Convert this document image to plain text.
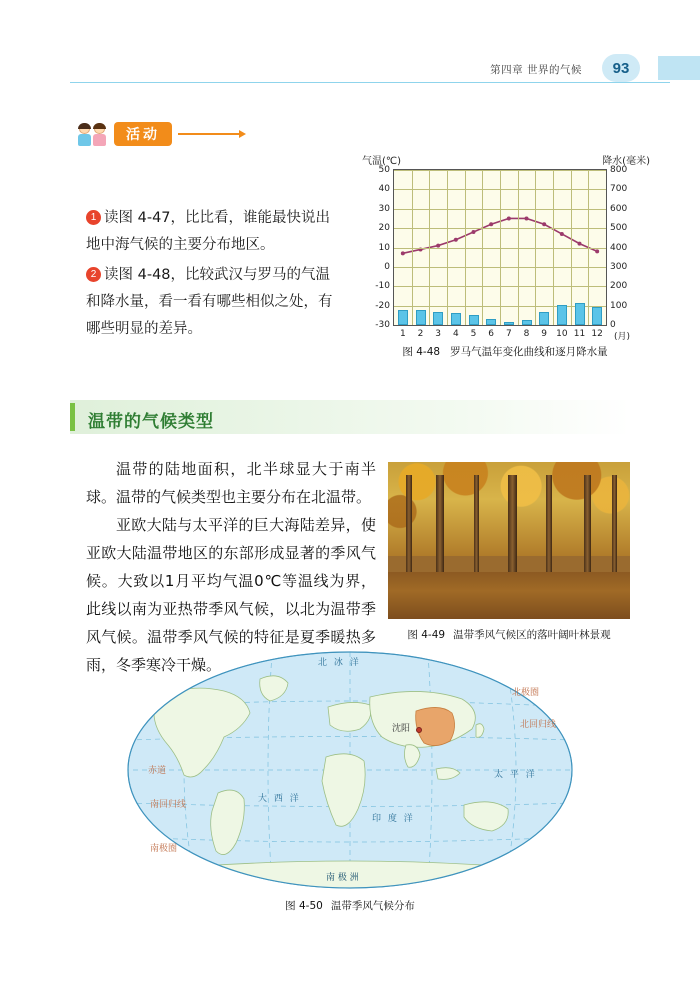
第四章 世界的气候 93
活动
1 读图 4-47，比比看，谁能最快说出地中海气候的主要分布地区。
2 读图 4-48，比较武汉与罗马的气温和降水量，看一看有哪些相似之处，有哪些明显的差异。
气温(℃)	降水(毫米)
50	800
40	700
30	600
20	500
10	400
0	300
-10	200
-20	100
-30	0
1 2 3 4 5 6 7 8 9 10 11 12 (月)
图 4-48 罗马气温年变化曲线和逐月降水量
温带的气候类型

温带的陆地面积，北半球显大于南半球。温带的气候类型也主要分布在北温带。

亚欧大陆与太平洋的巨大海陆差异，使亚欧大陆温带地区的东部形成显著的季风气候。大致以1月平均气温0℃等温线为界，此线以南为亚热带季风气候，以北为温带季风气候。温带季风气候的特征是夏季暖热多雨，冬季寒冷干燥。

图 4-49 温带季风气候区的落叶阔叶林景观
北 冰 洋
太 平 洋
大 西 洋
印 度 洋
南 极 洲
北回归线
赤道
南回归线
南极圈
北极圈
沈阳
图 4-50 温带季风气候分布
